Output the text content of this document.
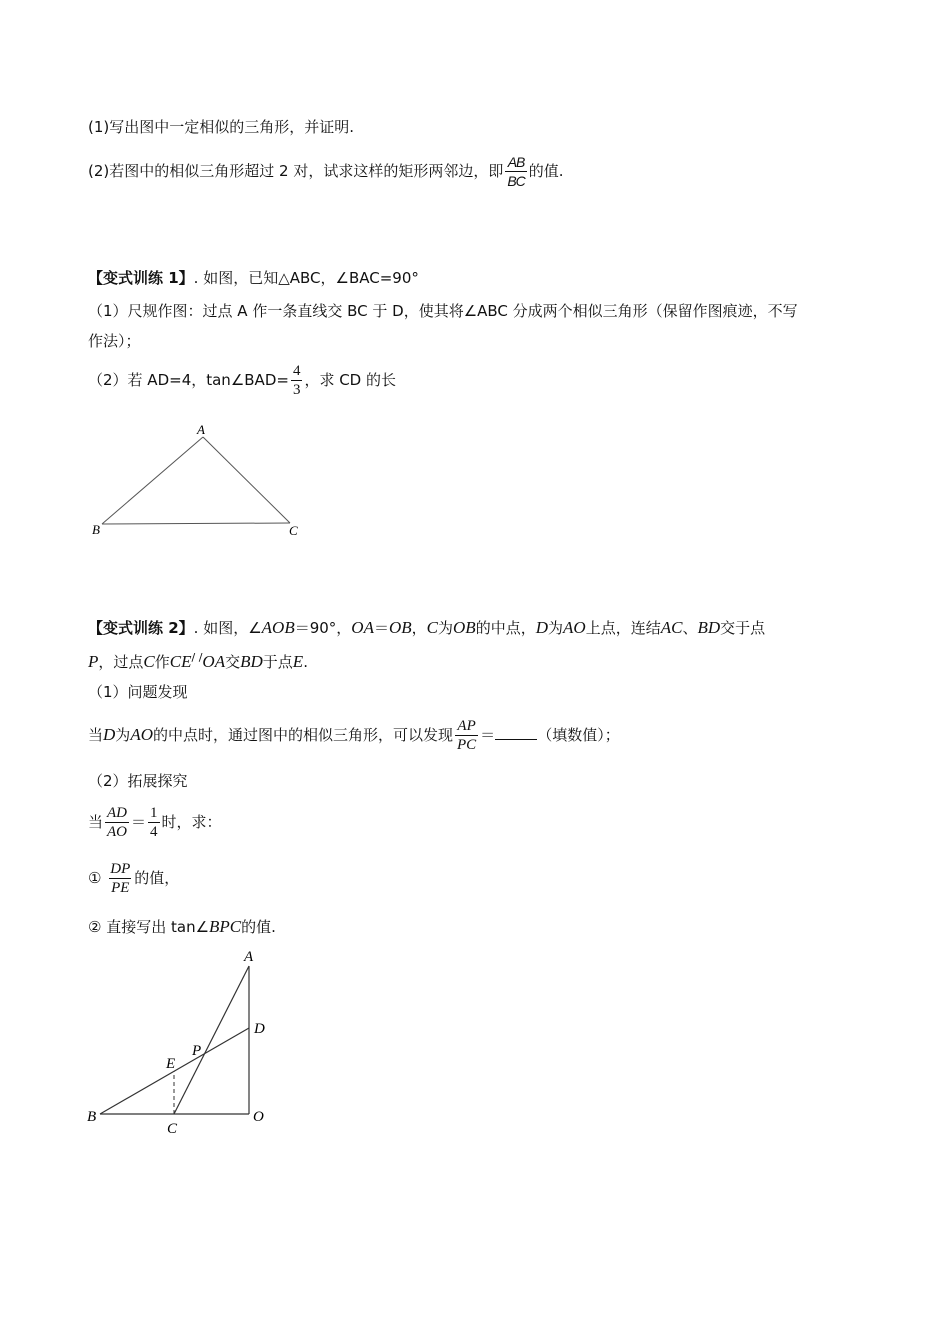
(1)写出图中一定相似的三角形，并证明.
(2)若图中的相似三角形超过 2 对，试求这样的矩形两邻边，即 $\frac{AB}{BC}$ 的值.
【变式训练 1】. 如图，已知△ABC，∠BAC=90°
（1）尺规作图：过点 A 作一条直线交 BC 于 D，使其将∠ABC 分成两个相似三角形（保留作图痕迹，不写
作法）；
（2）若 AD=4，tan∠BAD= $\frac{4}{3}$ ，求 CD 的长
A
B	C
【变式训练 2】. 如图，∠AOB＝90°，OA＝OB，C为OB的中点，D为AO上点，连结AC、BD交于点
P，过点C作CE/ /OA交BD于点E.
（1）问题发现
当D为AO的中点时，通过图中的相似三角形，可以发现 $\frac{AP}{PC}$ ＝	（填数值）；
（2）拓展探究
当 $\frac{AD}{AO} = \frac{1}{4}$ 时，求：
① $\frac{DP}{PE}$ 的值，
② 直接写出 tan∠BPC的值.
A
B
C
D
E
O
P
